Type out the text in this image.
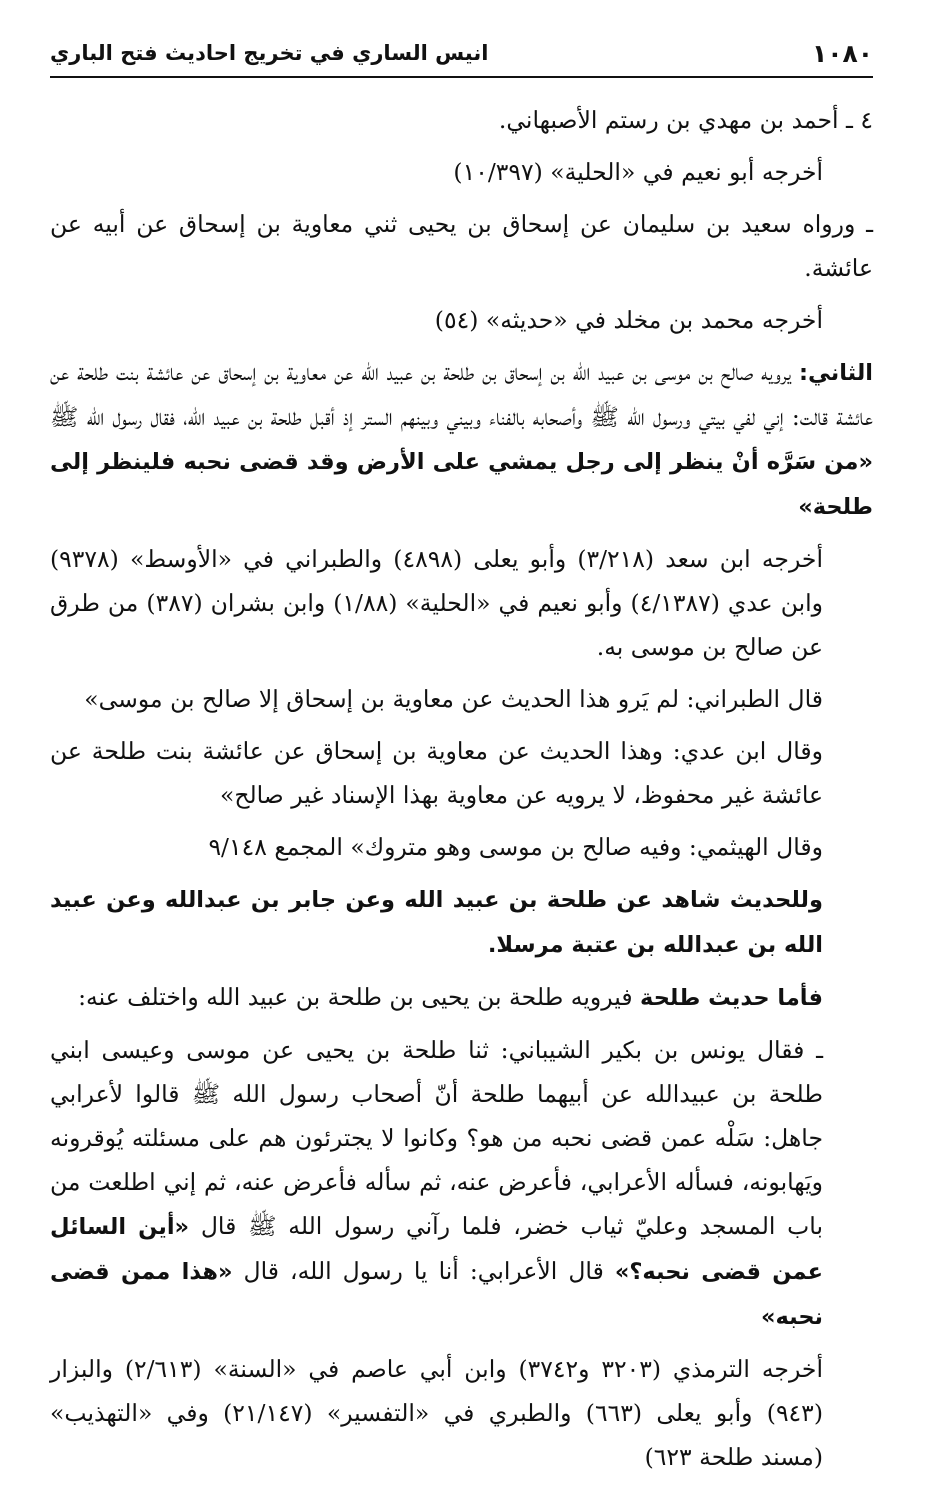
١٠٨٠
انيس الساري في تخريج احاديث فتح الباري
٤ ـ أحمد بن مهدي بن رستم الأصبهاني.
أخرجه أبو نعيم في «الحلية» (١٠/٣٩٧)
ـ ورواه سعيد بن سليمان عن إسحاق بن يحيى ثني معاوية بن إسحاق عن أبيه عن عائشة.
أخرجه محمد بن مخلد في «حديثه» (٥٤)
الثاني: يرويه صالح بن موسى بن عبيد الله بن إسحاق بن طلحة بن عبيد الله عن معاوية بن إسحاق عن عائشة بنت طلحة عن عائشة قالت: إني لفي بيتي ورسول الله ﷺ وأصحابه بالفناء وبيني وبينهم الستر إذ أقبل طلحة بن عبيد الله، فقال رسول الله ﷺ «من سَرَّه أنْ ينظر إلى رجل يمشي على الأرض وقد قضى نحبه فلينظر إلى طلحة»
أخرجه ابن سعد (٣/٢١٨) وأبو يعلى (٤٨٩٨) والطبراني في «الأوسط» (٩٣٧٨) وابن عدي (٤/١٣٨٧) وأبو نعيم في «الحلية» (١/٨٨) وابن بشران (٣٨٧) من طرق عن صالح بن موسى به.
قال الطبراني: لم يَرو هذا الحديث عن معاوية بن إسحاق إلا صالح بن موسى»
وقال ابن عدي: وهذا الحديث عن معاوية بن إسحاق عن عائشة بنت طلحة عن عائشة غير محفوظ، لا يرويه عن معاوية بهذا الإسناد غير صالح»
وقال الهيثمي: وفيه صالح بن موسى وهو متروك» المجمع ٩/١٤٨
وللحديث شاهد عن طلحة بن عبيد الله وعن جابر بن عبدالله وعن عبيد الله بن عبدالله بن عتبة مرسلا.
فأما حديث طلحة فيرويه طلحة بن يحيى بن طلحة بن عبيد الله واختلف عنه:
ـ فقال يونس بن بكير الشيباني: ثنا طلحة بن يحيى عن موسى وعيسى ابني طلحة بن عبيدالله عن أبيهما طلحة أنّ أصحاب رسول الله ﷺ قالوا لأعرابي جاهل: سَلْه عمن قضى نحبه من هو؟ وكانوا لا يجترئون هم على مسئلته يُوقرونه ويَهابونه، فسأله الأعرابي، فأعرض عنه، ثم سأله فأعرض عنه، ثم إني اطلعت من باب المسجد وعليّ ثياب خضر، فلما رآني رسول الله ﷺ قال «أين السائل عمن قضى نحبه؟» قال الأعرابي: أنا يا رسول الله، قال «هذا ممن قضى نحبه»
أخرجه الترمذي (٣٢٠٣ و٣٧٤٢) وابن أبي عاصم في «السنة» (٢/٦١٣) والبزار (٩٤٣) وأبو يعلى (٦٦٣) والطبري في «التفسير» (٢١/١٤٧) وفي «التهذيب» (مسند طلحة ٦٢٣)
